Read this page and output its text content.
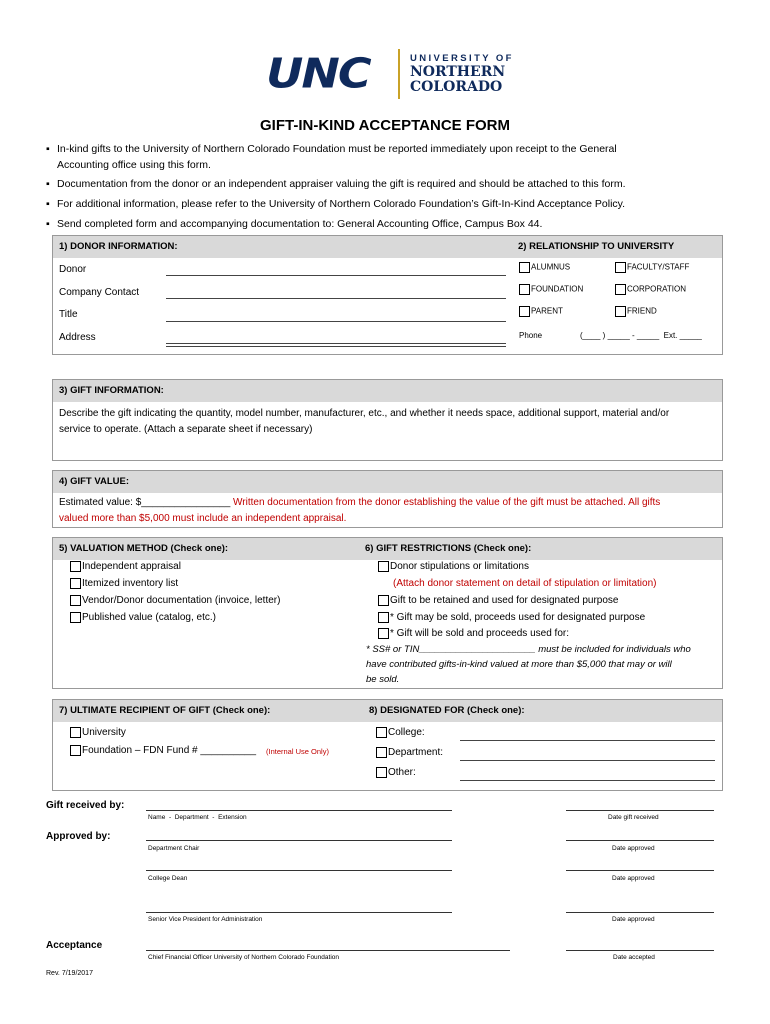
UNC	UNIVERSITY OF
NORTHERN
COLORADO
GIFT-IN-KIND ACCEPTANCE FORM
▪ In-kind gifts to the University of Northern Colorado Foundation must be reported immediately upon receipt to the General
Accounting office using this form.
▪ Documentation from the donor or an independent appraiser valuing the gift is required and should be attached to this form.
▪ For additional information, please refer to the University of Northern Colorado Foundation’s Gift-In-Kind Acceptance Policy.
▪ Send completed form and accompanying documentation to: General Accounting Office, Campus Box 44.
1) DONOR INFORMATION:	2) RELATIONSHIP TO UNIVERSITY
Donor
Company Contact
Title
Address
ALUMNUS	FACULTY/STAFF
FOUNDATION	CORPORATION
PARENT	FRIEND
Phone	(____ ) _____ - _____  Ext. _____
3) GIFT INFORMATION:
Describe the gift indicating the quantity, model number, manufacturer, etc., and whether it needs space, additional support, material and/or
service to operate. (Attach a separate sheet if necessary)
4) GIFT VALUE:
Estimated value: $________________ Written documentation from the donor establishing the value of the gift must be attached. All gifts
valued more than $5,000 must include an independent appraisal.
5) VALUATION METHOD (Check one):	6) GIFT RESTRICTIONS (Check one):
Independent appraisal
Itemized inventory list
Vendor/Donor documentation (invoice, letter)
Published value (catalog, etc.)
Donor stipulations or limitations
(Attach donor statement on detail of stipulation or limitation)
Gift to be retained and used for designated purpose
* Gift may be sold, proceeds used for designated purpose
* Gift will be sold and proceeds used for:
* SS# or TIN______________________ must be included for individuals who
have contributed gifts-in-kind valued at more than $5,000 that may or will
be sold.
7) ULTIMATE RECIPIENT OF GIFT (Check one):	8) DESIGNATED FOR (Check one):
University
Foundation – FDN Fund # __________ (Internal Use Only)
College:
Department:
Other:
Gift received by:
Name  -  Department  -  Extension	Date gift received
Approved by:
Department Chair	Date approved
College Dean	Date approved
Senior Vice President for Administration	Date approved
Acceptance
Chief Financial Officer University of Northern Colorado Foundation	Date accepted
Rev. 7/19/2017
